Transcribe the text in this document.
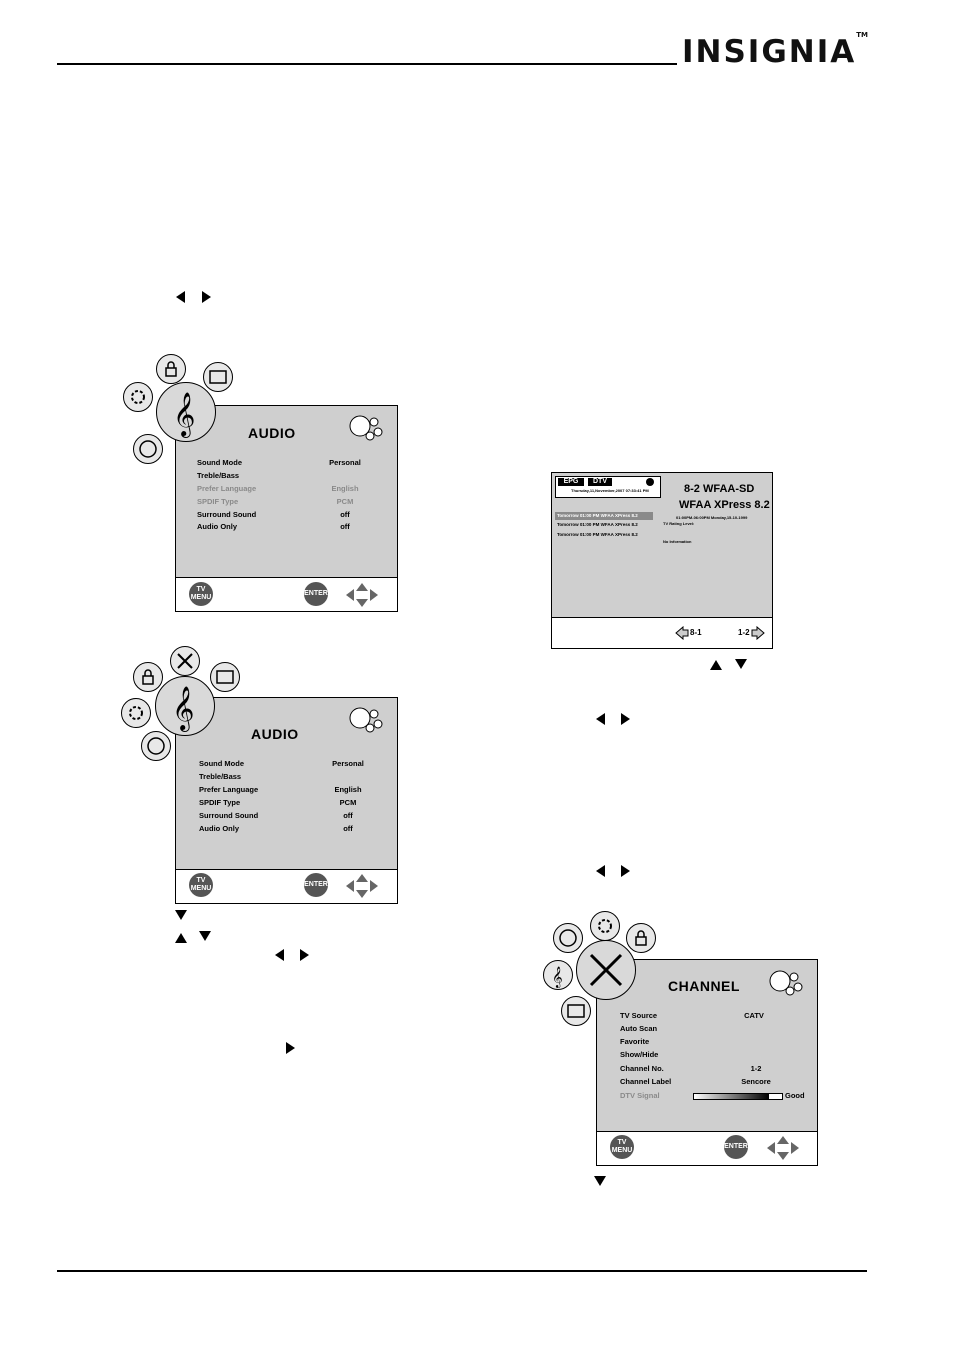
INSIGNIA™
𝄞	AUDIO
Sound Mode	Personal
Treble/Bass
Prefer Language	English
SPDIF Type	PCM
Surround Sound	off
Audio Only	off
TV MENU
ENTER
𝄞
AUDIO
Sound Mode	Personal
Treble/Bass
Prefer Language	English
SPDIF Type	PCM
Surround Sound	off
Audio Only	off
TV MENU
ENTER
EPG	DTV
Thursday,11,November,2007 07:33:41 PM	8-2 WFAA-SD
WFAA XPress 8.2
01:00PM-06:00PM Monday,15-10-1999
TV Rating Level:
No Information
Tomorrow 01:00 PM WFAA XPress 8.2
Tomorrow 01:00 PM WFAA XPress 8.2
Tomorrow 01:00 PM WFAA XPress 8.2
8-1	1-2
𝄞	CHANNEL
TV Source	CATV
Auto Scan
Favorite
Show/Hide
Channel No.	1-2
Channel Label	Sencore
DTV Signal	Good
TV MENU
ENTER
